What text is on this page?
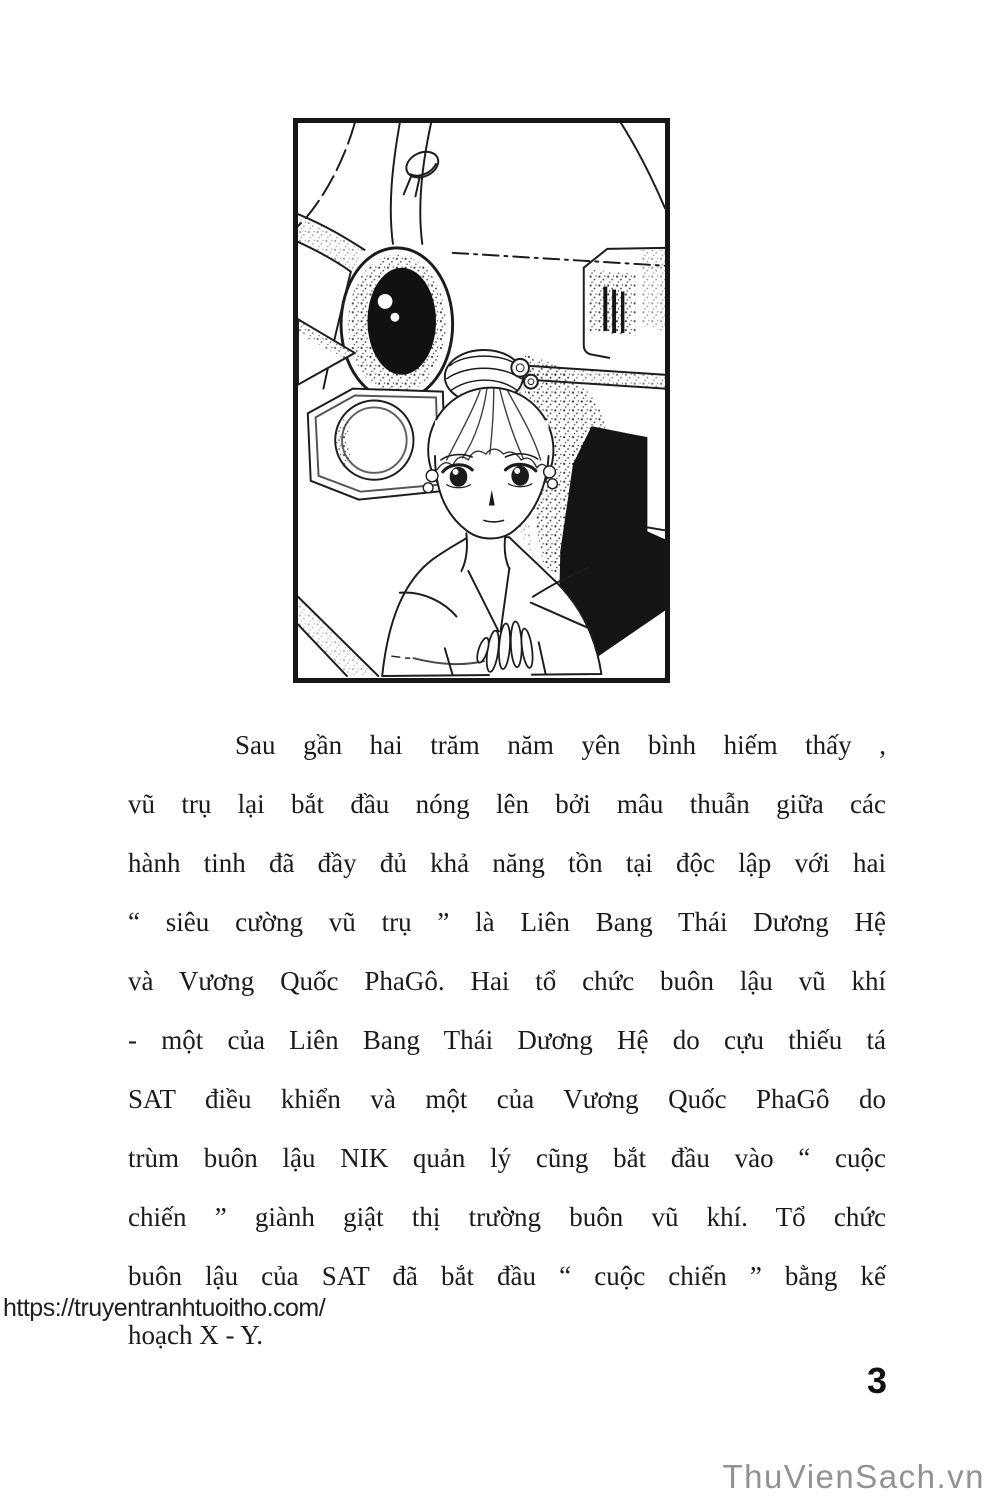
Sau gần hai trăm năm yên bình hiếm thấy ,
vũ trụ lại bắt đầu nóng lên bởi mâu thuẫn giữa các
hành tinh đã đầy đủ khả năng tồn tại độc lập với hai
“ siêu cường vũ trụ ” là Liên Bang Thái Dương Hệ
và Vương Quốc PhaGô. Hai tổ chức buôn lậu vũ khí
- một của Liên Bang Thái Dương Hệ do cựu thiếu tá
SAT điều khiển và một của Vương Quốc PhaGô do
trùm buôn lậu NIK quản lý cũng bắt đầu vào “ cuộc
chiến ” giành giật thị trường buôn vũ khí. Tổ chức
buôn lậu của SAT đã bắt đầu “ cuộc chiến ” bằng kế
hoạch X - Y.
https://truyentranhtuoitho.com/
3
ThuVienSach.vn
